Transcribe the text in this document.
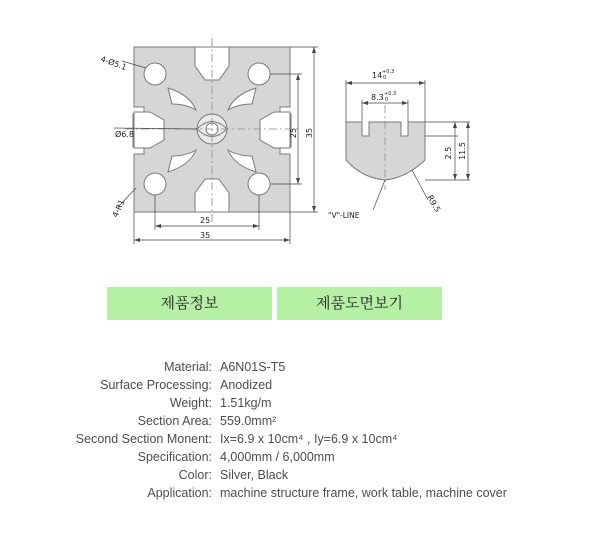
4-Ø5.1
Ø6.8
4-R1
25
35
25 35
14 +0.3
0
8.3 +0.3
0
2.5 11.5
R9.5
"V"-LINE
제품정보	제품도면보기
Material: A6N01S-T5
Surface Processing: Anodized
Weight: 1.51kg/m
Section Area: 559.0mm²
Second Section Monent: Ix=6.9 x 10cm⁴ , Iy=6.9 x 10cm⁴
Specification: 4,000mm / 6,000mm
Color: Silver, Black
Application: machine structure frame, work table, machine cover
